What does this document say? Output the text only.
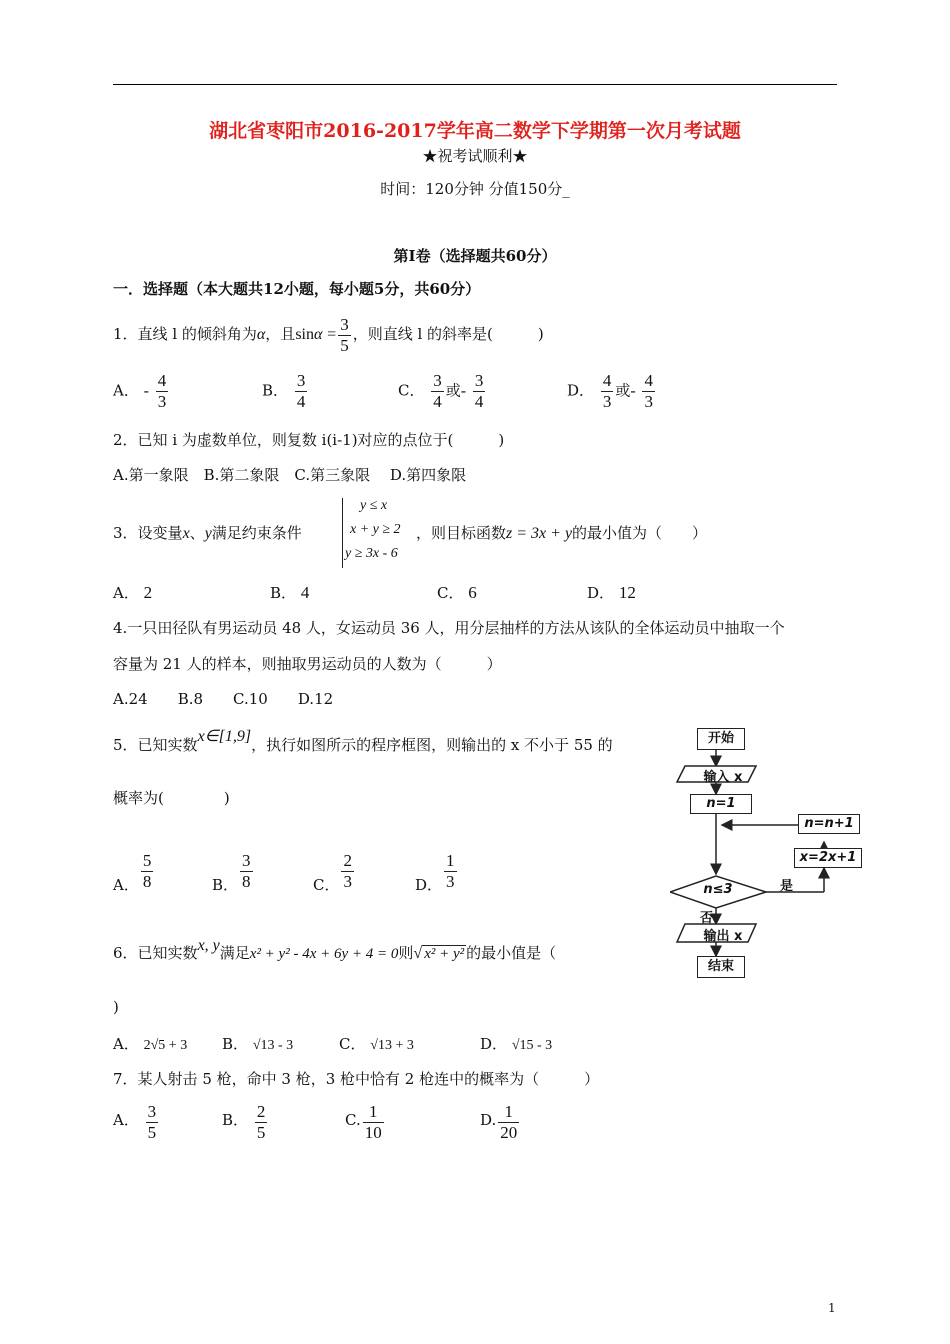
湖北省枣阳市2016-2017学年高二数学下学期第一次月考试题
★祝考试顺利★
时间：120分钟 分值150分_
第I卷（选择题共60分）
一．选择题（本大题共12小题，每小题5分，共60分）
1．直线 l 的倾斜角为α，且$\sin\alpha = \frac{3}{5}$ ，则直线 l 的斜率是(　　　)
A． - $\frac{4}{3}$	B． $\frac{3}{4}$	C． $\frac{3}{4}$ 或- $\frac{3}{4}$	D． $\frac{4}{3}$ 或- $\frac{4}{3}$
2．已知 i 为虚数单位，则复数 i(i-1)对应的点位于(　　　)
A.第一象限　B.第二象限　C.第三象限　 D.第四象限
3．设变量x、y满足约束条件
y ≤ x
x + y ≥ 2
y ≥ 3x - 6
，则目标函数z = 3x + y的最小值为（　　）
A． 2	B． 4	C． 6	D． 12
4.一只田径队有男运动员 48 人，女运动员 36 人，用分层抽样的方法从该队的全体运动员中抽取一个
容量为 21 人的样本，则抽取男运动员的人数为（　　　）
A.24　　B.8　　C.10　　D.12
5．已知实数x∈[1,9]，执行如图所示的程序框图，则输出的 x 不小于 55 的
概率为(　　　　)
A． $\frac{5}{8}$	B． $\frac{3}{8}$	C． $\frac{2}{3}$	D． $\frac{1}{3}$
开始
输入 x
n=1
n=n+1
x=2x+1
n≤3	是
否
输出 x
结束
6．已知实数x, y满足x² + y² - 4x + 6y + 4 = 0则√ x² + y² 的最小值是（
)
A． 2√5 + 3 B． √13 - 3	C． √13 + 3	D． √15 - 3
7．某人射击 5 枪，命中 3 枪，3 枪中恰有 2 枪连中的概率为（　　　）
A． $\frac{3}{5}$	B． $\frac{2}{5}$	C. $\frac{1}{10}$	D. $\frac{1}{20}$
1
